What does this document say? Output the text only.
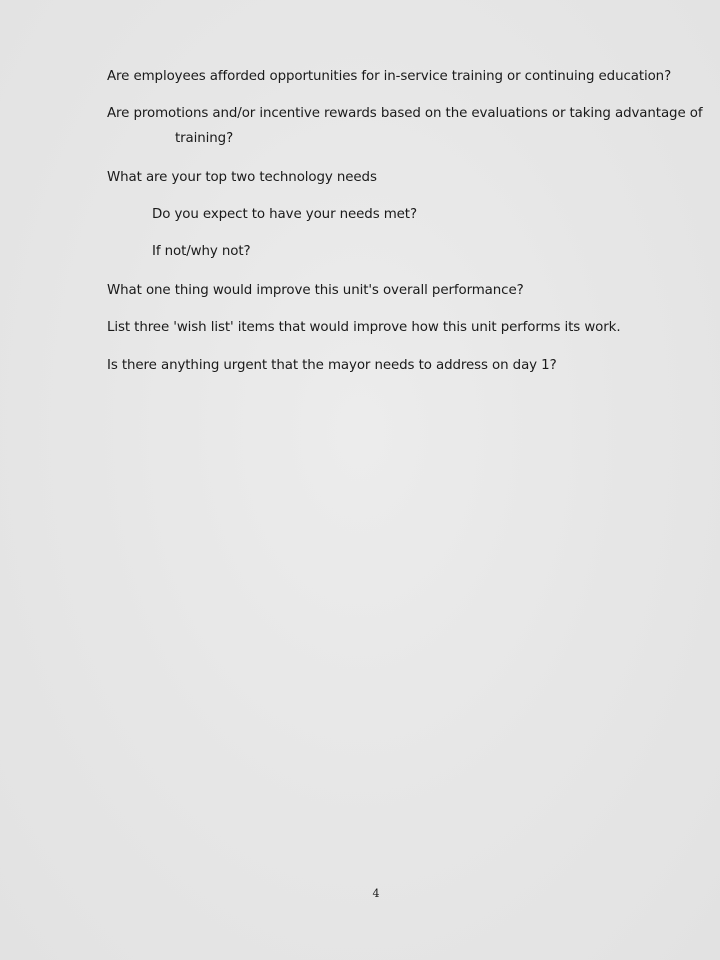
Are employees afforded opportunities for in-service training or continuing education?

Are promotions and/or incentive rewards based on the evaluations or taking advantage of

training?

What are your top two technology needs

Do you expect to have your needs met?

If not/why not?

What one thing would improve this unit's overall performance?

List three 'wish list' items that would improve how this unit performs its work.

Is there anything urgent that the mayor needs to address on day 1?

4
